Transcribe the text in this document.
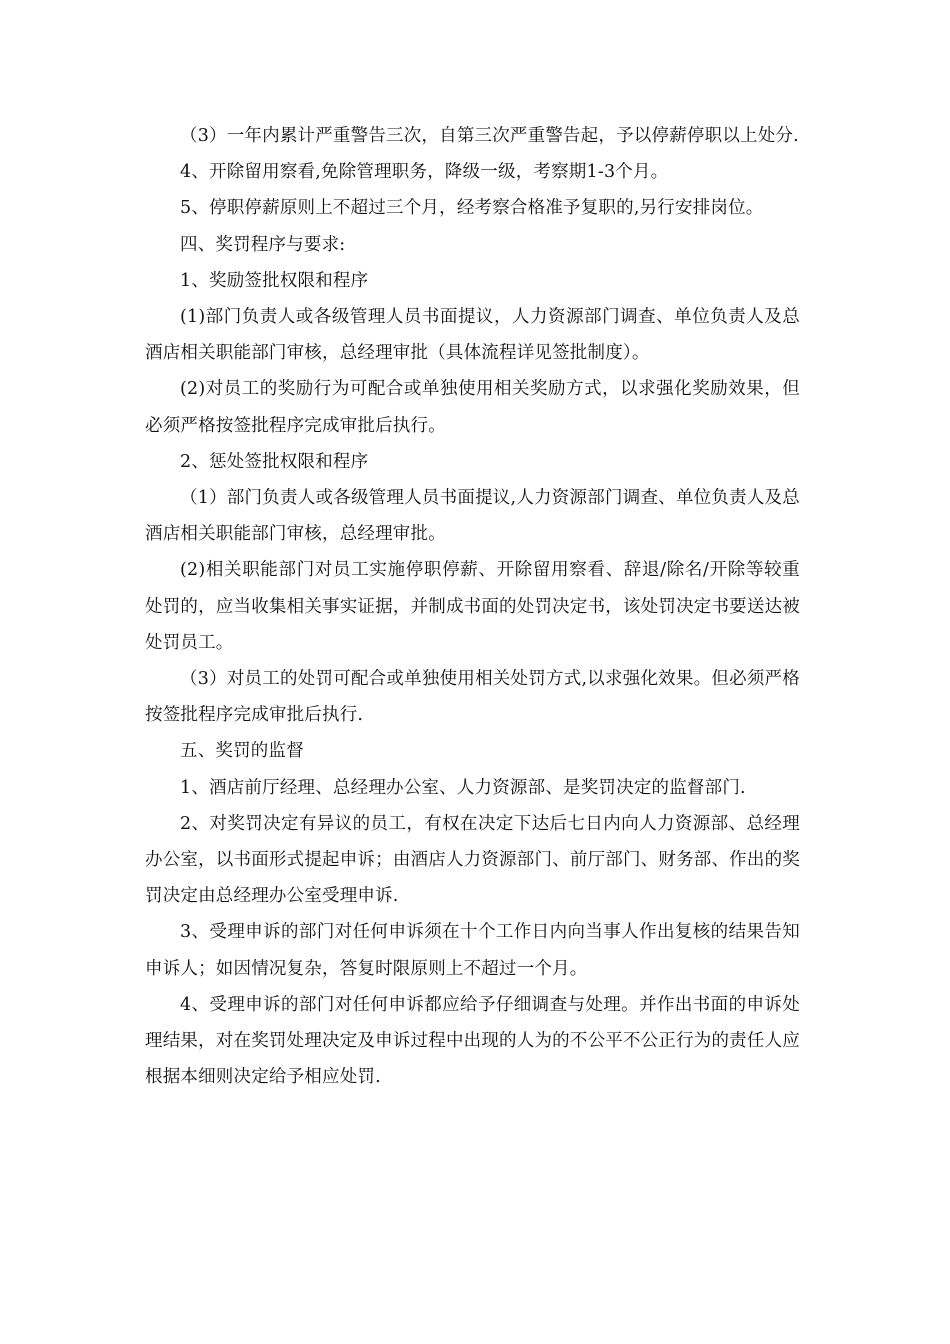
（3）一年内累计严重警告三次，自第三次严重警告起，予以停薪停职以上处分.

4、开除留用察看,免除管理职务，降级一级，考察期1-3个月。

5、停职停薪原则上不超过三个月，经考察合格准予复职的,另行安排岗位。

四、奖罚程序与要求:

1、奖励签批权限和程序

(1)部门负责人或各级管理人员书面提议，人力资源部门调查、单位负责人及总酒店相关职能部门审核，总经理审批（具体流程详见签批制度）。

(2)对员工的奖励行为可配合或单独使用相关奖励方式，以求强化奖励效果，但必须严格按签批程序完成审批后执行。

2、惩处签批权限和程序

（1）部门负责人或各级管理人员书面提议,人力资源部门调查、单位负责人及总酒店相关职能部门审核，总经理审批。

(2)相关职能部门对员工实施停职停薪、开除留用察看、辞退/除名/开除等较重处罚的，应当收集相关事实证据，并制成书面的处罚决定书，该处罚决定书要送达被处罚员工。

（3）对员工的处罚可配合或单独使用相关处罚方式,以求强化效果。但必须严格按签批程序完成审批后执行.

五、奖罚的监督

1、酒店前厅经理、总经理办公室、人力资源部、是奖罚决定的监督部门.

2、对奖罚决定有异议的员工，有权在决定下达后七日内向人力资源部、总经理办公室，以书面形式提起申诉；由酒店人力资源部门、前厅部门、财务部、作出的奖罚决定由总经理办公室受理申诉.

3、受理申诉的部门对任何申诉须在十个工作日内向当事人作出复核的结果告知申诉人；如因情况复杂，答复时限原则上不超过一个月。

4、受理申诉的部门对任何申诉都应给予仔细调查与处理。并作出书面的申诉处理结果，对在奖罚处理决定及申诉过程中出现的人为的不公平不公正行为的责任人应根据本细则决定给予相应处罚.
